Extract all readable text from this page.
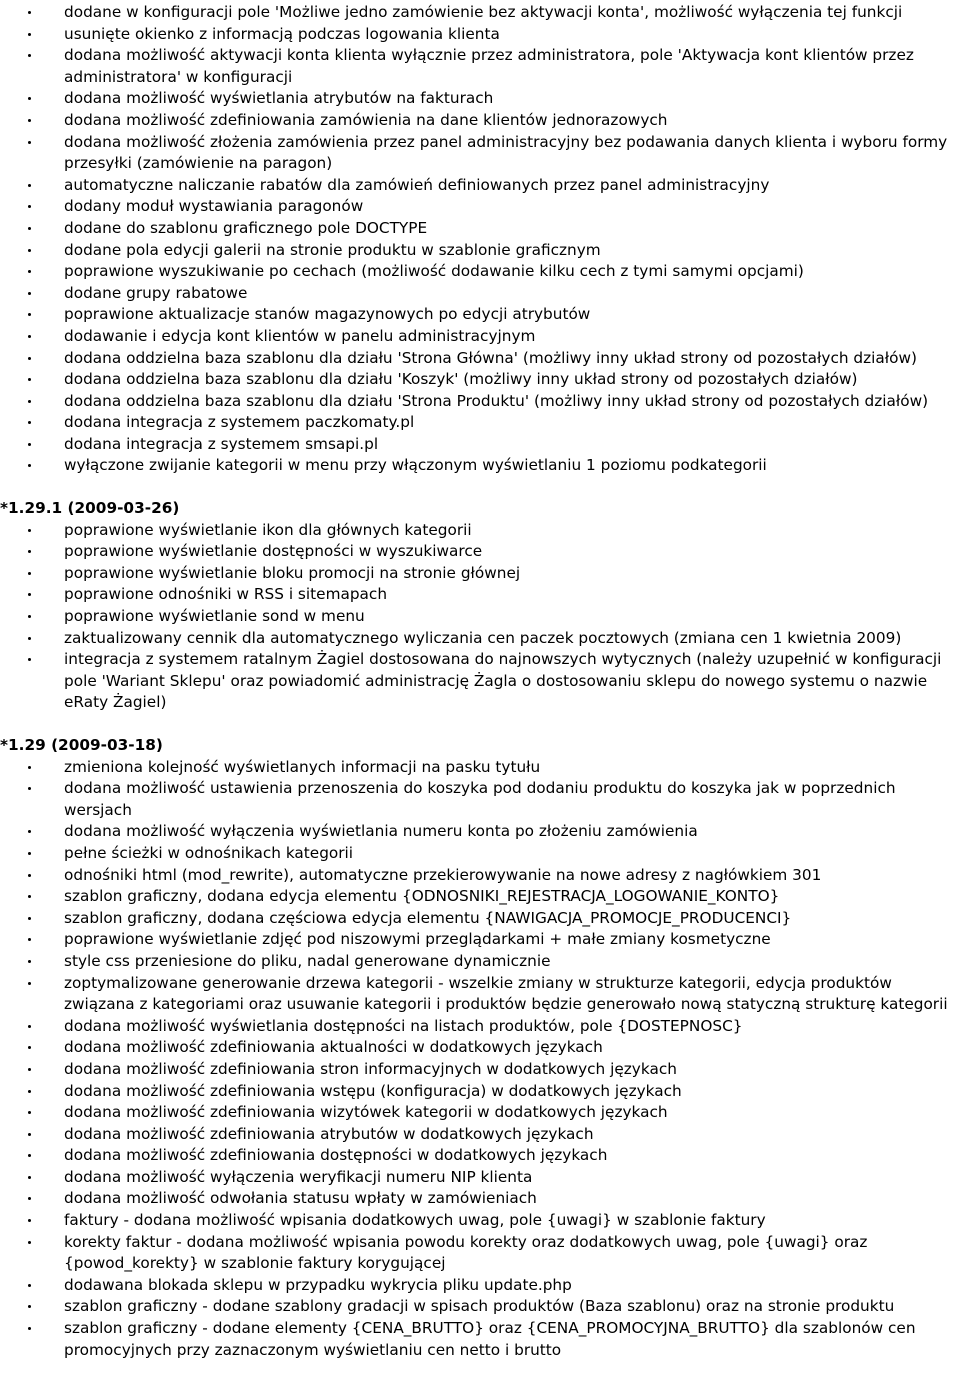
dodane w konfiguracji pole 'Możliwe jedno zamówienie bez aktywacji konta', możliwość wyłączenia tej funkcji
usunięte okienko z informacją podczas logowania klienta
dodana możliwość aktywacji konta klienta wyłącznie przez administratora, pole 'Aktywacja kont klientów przez administratora' w konfiguracji
dodana możliwość wyświetlania atrybutów na fakturach
dodana możliwość zdefiniowania zamówienia na dane klientów jednorazowych
dodana możliwość złożenia zamówienia przez panel administracyjny bez podawania danych klienta i wyboru formy przesyłki (zamówienie na paragon)
automatyczne naliczanie rabatów dla zamówień definiowanych przez panel administracyjny
dodany moduł wystawiania paragonów
dodane do szablonu graficznego pole DOCTYPE
dodane pola edycji galerii na stronie produktu w szablonie graficznym
poprawione wyszukiwanie po cechach (możliwość dodawanie kilku cech z tymi samymi opcjami)
dodane grupy rabatowe
poprawione aktualizacje stanów magazynowych po edycji atrybutów
dodawanie i edycja kont klientów w panelu administracyjnym
dodana oddzielna baza szablonu dla działu 'Strona Główna' (możliwy inny układ strony od pozostałych działów)
dodana oddzielna baza szablonu dla działu 'Koszyk' (możliwy inny układ strony od pozostałych działów)
dodana oddzielna baza szablonu dla działu 'Strona Produktu' (możliwy inny układ strony od pozostałych działów)
dodana integracja z systemem paczkomaty.pl
dodana integracja z systemem smsapi.pl
wyłączone zwijanie kategorii w menu przy włączonym wyświetlaniu 1 poziomu podkategorii
*1.29.1 (2009-03-26)
poprawione wyświetlanie ikon dla głównych kategorii
poprawione wyświetlanie dostępności w wyszukiwarce
poprawione wyświetlanie bloku promocji na stronie głównej
poprawione odnośniki w RSS i sitemapach
poprawione wyświetlanie sond w menu
zaktualizowany cennik dla automatycznego wyliczania cen paczek pocztowych (zmiana cen 1 kwietnia 2009)
integracja z systemem ratalnym Żagiel dostosowana do najnowszych wytycznych (należy uzupełnić w konfiguracji pole 'Wariant Sklepu' oraz powiadomić administrację Żagla o dostosowaniu sklepu do nowego systemu o nazwie eRaty Żagiel)
*1.29 (2009-03-18)
zmieniona kolejność wyświetlanych informacji na pasku tytułu
dodana możliwość ustawienia przenoszenia do koszyka pod dodaniu produktu do koszyka jak w poprzednich wersjach
dodana możliwość wyłączenia wyświetlania numeru konta po złożeniu zamówienia
pełne ścieżki w odnośnikach kategorii
odnośniki html (mod_rewrite), automatyczne przekierowywanie na nowe adresy z nagłówkiem 301
szablon graficzny, dodana edycja elementu {ODNOSNIKI_REJESTRACJA_LOGOWANIE_KONTO}
szablon graficzny, dodana częściowa edycja elementu {NAWIGACJA_PROMOCJE_PRODUCENCI}
poprawione wyświetlanie zdjęć pod niszowymi przeglądarkami + małe zmiany kosmetyczne
style css przeniesione do pliku, nadal generowane dynamicznie
zoptymalizowane generowanie drzewa kategorii - wszelkie zmiany w strukturze kategorii, edycja produktów związana z kategoriami oraz usuwanie kategorii i produktów będzie generowało nową statyczną strukturę kategorii
dodana możliwość wyświetlania dostępności na listach produktów, pole {DOSTEPNOSC}
dodana możliwość zdefiniowania aktualności w dodatkowych językach
dodana możliwość zdefiniowania stron informacyjnych w dodatkowych językach
dodana możliwość zdefiniowania wstępu (konfiguracja) w dodatkowych językach
dodana możliwość zdefiniowania wizytówek kategorii w dodatkowych językach
dodana możliwość zdefiniowania atrybutów w dodatkowych językach
dodana możliwość zdefiniowania dostępności w dodatkowych językach
dodana możliwość wyłączenia weryfikacji numeru NIP klienta
dodana możliwość odwołania statusu wpłaty w zamówieniach
faktury - dodana możliwość wpisania dodatkowych uwag, pole {uwagi} w szablonie faktury
korekty faktur - dodana możliwość wpisania powodu korekty oraz dodatkowych uwag, pole {uwagi} oraz {powod_korekty} w szablonie faktury korygującej
dodawana blokada sklepu w przypadku wykrycia pliku update.php
szablon graficzny - dodane szablony gradacji w spisach produktów (Baza szablonu) oraz na stronie produktu
szablon graficzny - dodane elementy {CENA_BRUTTO} oraz {CENA_PROMOCYJNA_BRUTTO} dla szablonów cen promocyjnych przy zaznaczonym wyświetlaniu cen netto i brutto
